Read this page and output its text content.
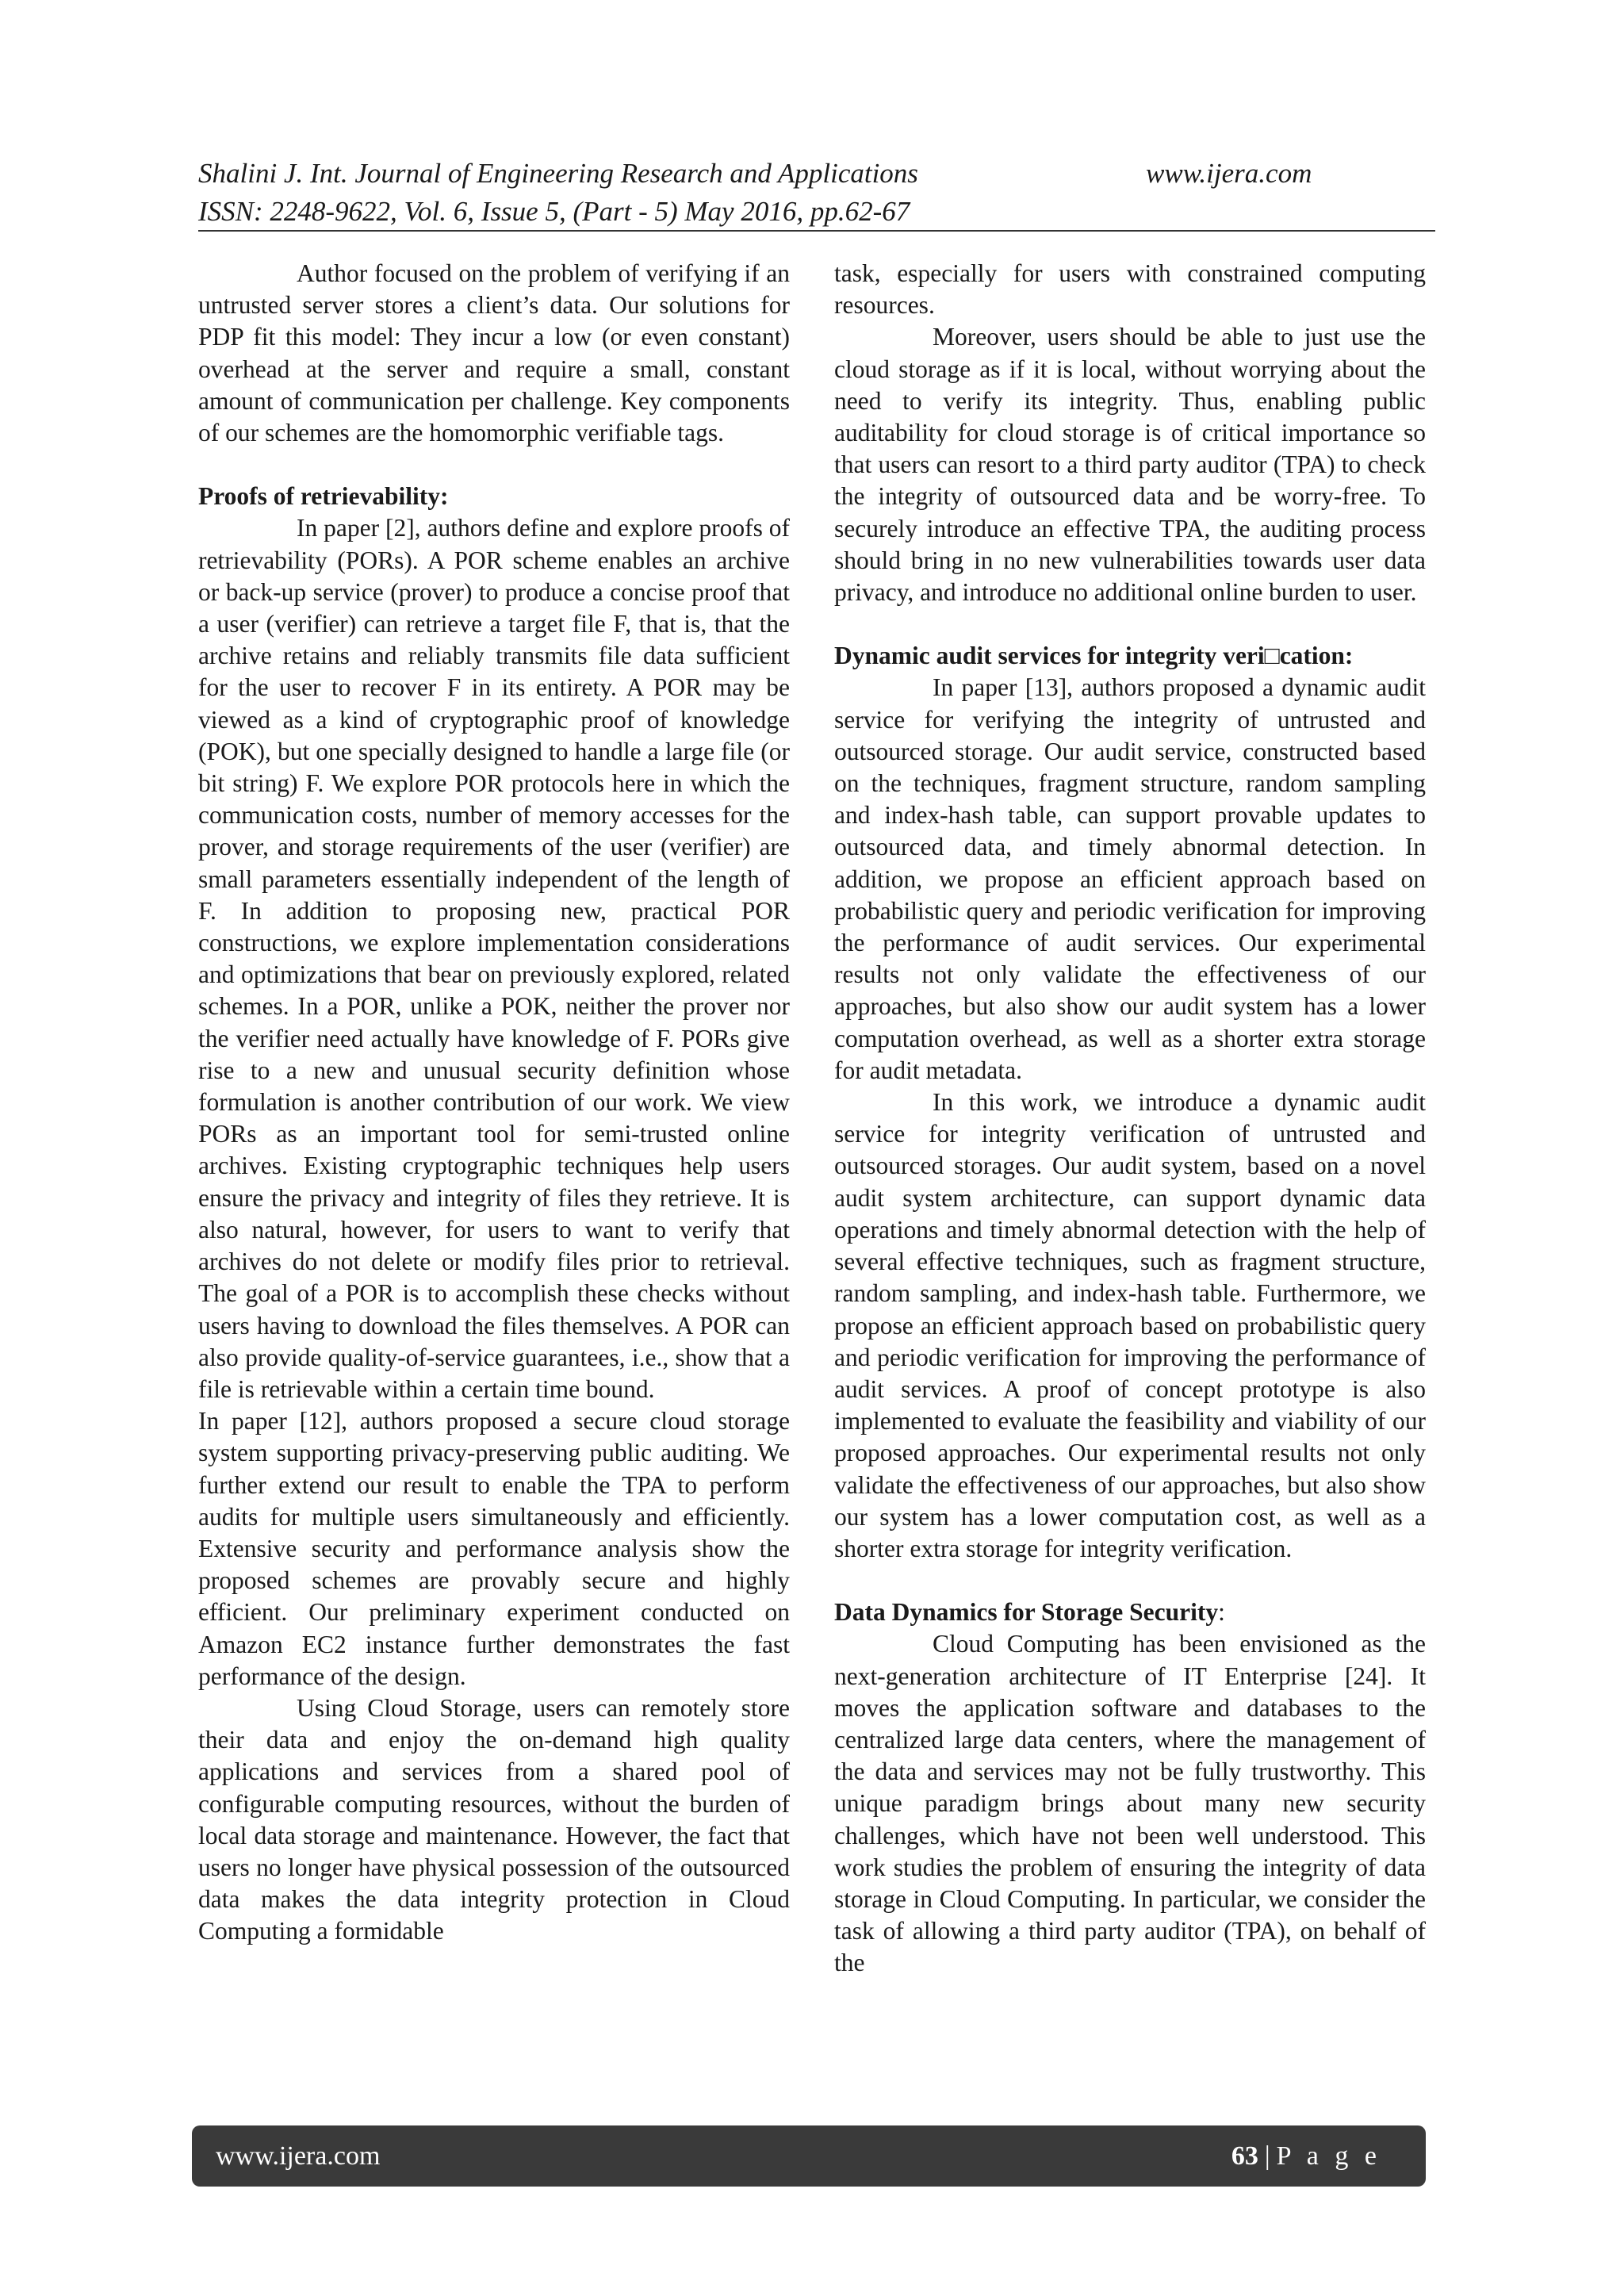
Shalini J. Int. Journal of Engineering Research and Applications	www.ijera.com
ISSN: 2248-9622, Vol. 6, Issue 5, (Part - 5) May 2016, pp.62-67

Author focused on the problem of verifying if an untrusted server stores a client’s data. Our solutions for PDP fit this model: They incur a low (or even constant) overhead at the server and require a small, constant amount of communication per challenge. Key components of our schemes are the homomorphic verifiable tags.

Proofs of retrievability:

In paper [2], authors define and explore proofs of retrievability (PORs). A POR scheme enables an archive or back-up service (prover) to produce a concise proof that a user (verifier) can retrieve a target file F, that is, that the archive retains and reliably transmits file data sufficient for the user to recover F in its entirety. A POR may be viewed as a kind of cryptographic proof of knowledge (POK), but one specially designed to handle a large file (or bit string) F. We explore POR protocols here in which the communication costs, number of memory accesses for the prover, and storage requirements of the user (verifier) are small parameters essentially independent of the length of F. In addition to proposing new, practical POR constructions, we explore implementation considerations and optimizations that bear on previously explored, related schemes. In a POR, unlike a POK, neither the prover nor the verifier need actually have knowledge of F. PORs give rise to a new and unusual security definition whose formulation is another contribution of our work. We view PORs as an important tool for semi-trusted online archives. Existing cryptographic techniques help users ensure the privacy and integrity of files they retrieve. It is also natural, however, for users to want to verify that archives do not delete or modify files prior to retrieval. The goal of a POR is to accomplish these checks without users having to download the files themselves. A POR can also provide quality-of-service guarantees, i.e., show that a file is retrievable within a certain time bound.

In paper [12], authors proposed a secure cloud storage system supporting privacy-preserving public auditing. We further extend our result to enable the TPA to perform audits for multiple users simultaneously and efficiently. Extensive security and performance analysis show the proposed schemes are provably secure and highly efficient. Our preliminary experiment conducted on Amazon EC2 instance further demonstrates the fast performance of the design.

Using Cloud Storage, users can remotely store their data and enjoy the on-demand high quality applications and services from a shared pool of configurable computing resources, without the burden of local data storage and maintenance. However, the fact that users no longer have physical possession of the outsourced data makes the data integrity protection in Cloud Computing a formidable

task, especially for users with constrained computing resources.

Moreover, users should be able to just use the cloud storage as if it is local, without worrying about the need to verify its integrity. Thus, enabling public auditability for cloud storage is of critical importance so that users can resort to a third party auditor (TPA) to check the integrity of outsourced data and be worry-free. To securely introduce an effective TPA, the auditing process should bring in no new vulnerabilities towards user data privacy, and introduce no additional online burden to user.

Dynamic audit services for integrity veri□cation:

In paper [13], authors proposed a dynamic audit service for verifying the integrity of untrusted and outsourced storage. Our audit service, constructed based on the techniques, fragment structure, random sampling and index-hash table, can support provable updates to outsourced data, and timely abnormal detection. In addition, we propose an efficient approach based on probabilistic query and periodic verification for improving the performance of audit services. Our experimental results not only validate the effectiveness of our approaches, but also show our audit system has a lower computation overhead, as well as a shorter extra storage for audit metadata.

In this work, we introduce a dynamic audit service for integrity verification of untrusted and outsourced storages. Our audit system, based on a novel audit system architecture, can support dynamic data operations and timely abnormal detection with the help of several effective techniques, such as fragment structure, random sampling, and index-hash table. Furthermore, we propose an efficient approach based on probabilistic query and periodic verification for improving the performance of audit services. A proof of concept prototype is also implemented to evaluate the feasibility and viability of our proposed approaches. Our experimental results not only validate the effectiveness of our approaches, but also show our system has a lower computation cost, as well as a shorter extra storage for integrity verification.

Data Dynamics for Storage Security:

Cloud Computing has been envisioned as the next-generation architecture of IT Enterprise [24]. It moves the application software and databases to the centralized large data centers, where the management of the data and services may not be fully trustworthy. This unique paradigm brings about many new security challenges, which have not been well understood. This work studies the problem of ensuring the integrity of data storage in Cloud Computing. In particular, we consider the task of allowing a third party auditor (TPA), on behalf of the

www.ijera.com	63 | P a g e
